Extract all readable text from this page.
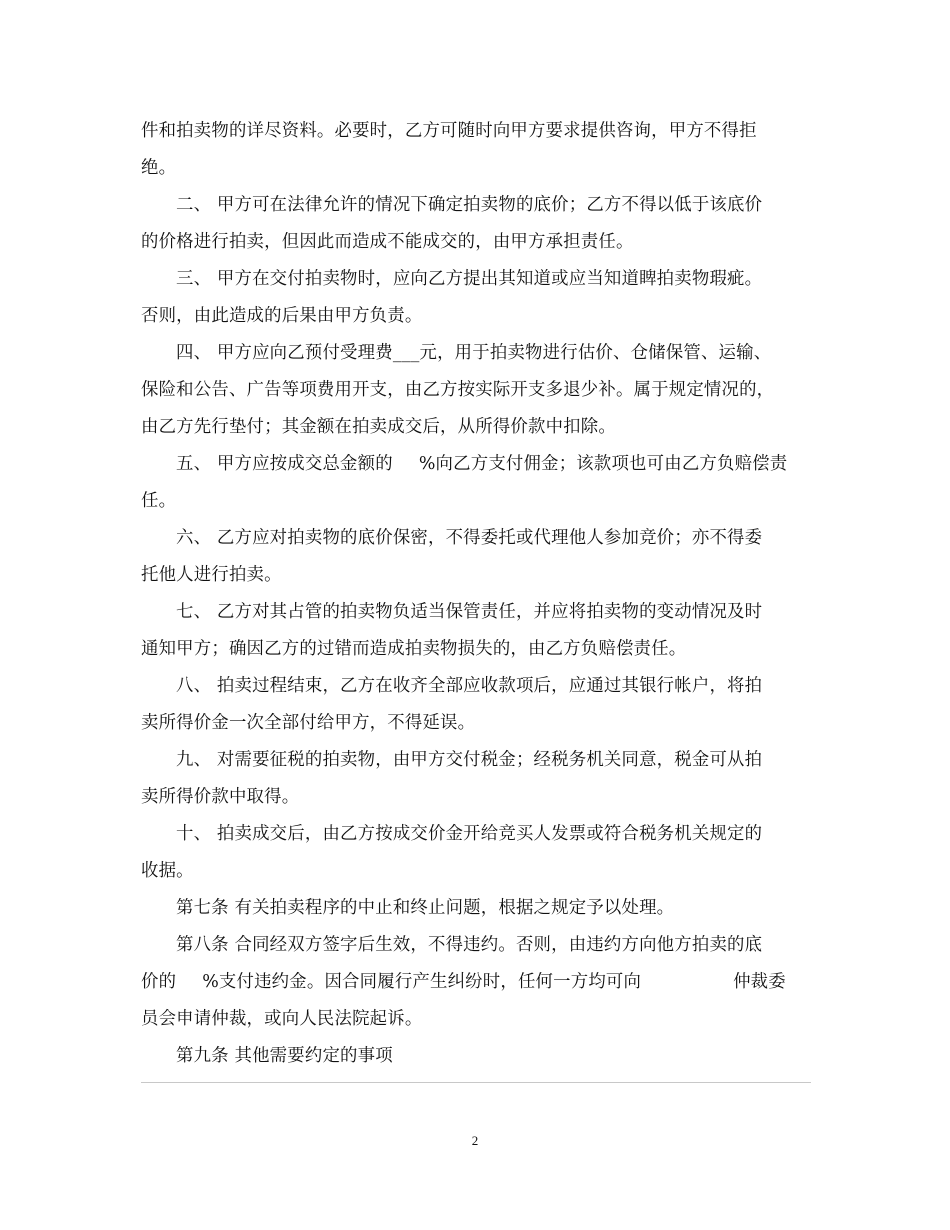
件和拍卖物的详尽资料。必要时，乙方可随时向甲方要求提供咨询，甲方不得拒

绝。

二、 甲方可在法律允许的情况下确定拍卖物的底价；乙方不得以低于该底价

的价格进行拍卖，但因此而造成不能成交的，由甲方承担责任。

三、 甲方在交付拍卖物时，应向乙方提出其知道或应当知道睥拍卖物瑕疵。

否则，由此造成的后果由甲方负责。

四、 甲方应向乙预付受理费___元，用于拍卖物进行估价、仓储保管、运输、

保险和公告、广告等项费用开支，由乙方按实际开支多退少补。属于规定情况的，

由乙方先行垫付；其金额在拍卖成交后，从所得价款中扣除。

五、 甲方应按成交总金额的 %向乙方支付佣金；该款项也可由乙方负赔偿责

任。

六、 乙方应对拍卖物的底价保密，不得委托或代理他人参加竞价；亦不得委

托他人进行拍卖。

七、 乙方对其占管的拍卖物负适当保管责任，并应将拍卖物的变动情况及时

通知甲方；确因乙方的过错而造成拍卖物损失的，由乙方负赔偿责任。

八、 拍卖过程结束，乙方在收齐全部应收款项后，应通过其银行帐户，将拍

卖所得价金一次全部付给甲方，不得延误。

九、 对需要征税的拍卖物，由甲方交付税金；经税务机关同意，税金可从拍

卖所得价款中取得。

十、 拍卖成交后，由乙方按成交价金开给竞买人发票或符合税务机关规定的

收据。

第七条 有关拍卖程序的中止和终止问题，根据之规定予以处理。

第八条 合同经双方签字后生效，不得违约。否则，由违约方向他方拍卖的底

价的 %支付违约金。因合同履行产生纠纷时，任何一方均可向	仲裁委

员会申请仲裁，或向人民法院起诉。

第九条 其他需要约定的事项

2
